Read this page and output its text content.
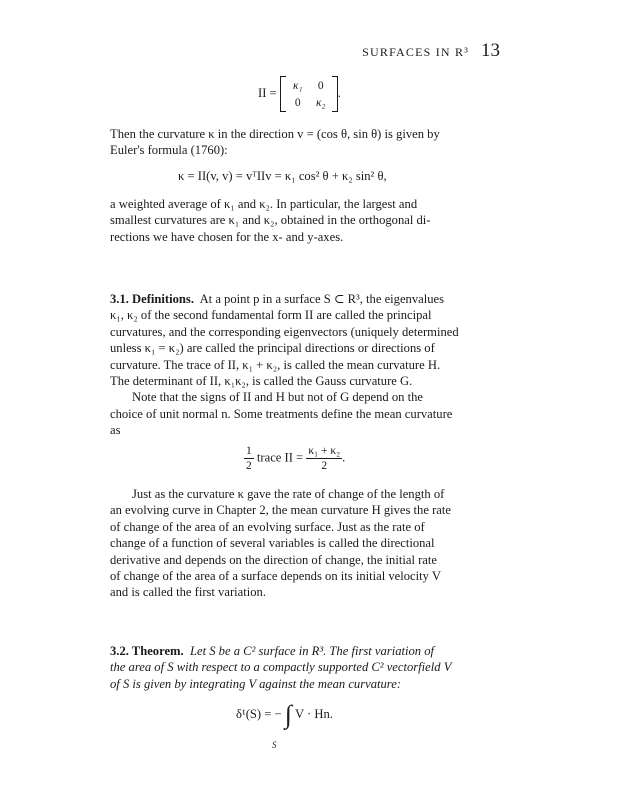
SURFACES IN R³ 13
II =
κ₁	0
0	κ₂
.
Then the curvature κ in the direction v = (cos θ, sin θ) is given by
Euler's formula (1760):
κ = II(v, v) = vᵀIIv = κ₁ cos² θ + κ₂ sin² θ,
a weighted average of κ₁ and κ₂. In particular, the largest and
smallest curvatures are κ₁ and κ₂, obtained in the orthogonal di-
rections we have chosen for the x- and y-axes.
3.1. Definitions. At a point p in a surface S ⊂ R³, the eigenvalues
κ₁, κ₂ of the second fundamental form II are called the principal
curvatures, and the corresponding eigenvectors (uniquely determined
unless κ₁ = κ₂) are called the principal directions or directions of
curvature. The trace of II, κ₁ + κ₂, is called the mean curvature H.
The determinant of II, κ₁κ₂, is called the Gauss curvature G.
Note that the signs of II and H but not of G depend on the
choice of unit normal n. Some treatments define the mean curvature
as
$\frac{1}{2}$ trace II = $\frac{\text{κ₁ + κ₂}}{2}$ .
Just as the curvature κ gave the rate of change of the length of
an evolving curve in Chapter 2, the mean curvature H gives the rate
of change of the area of an evolving surface. Just as the rate of
change of a function of several variables is called the directional
derivative and depends on the direction of change, the initial rate
of change of the area of a surface depends on its initial velocity V
and is called the first variation.
3.2. Theorem. Let S be a C² surface in R³. The first variation of
the area of S with respect to a compactly supported C² vectorfield V
of S is given by integrating V against the mean curvature:
δ¹(S) = − ∫ V · Hn.
S
